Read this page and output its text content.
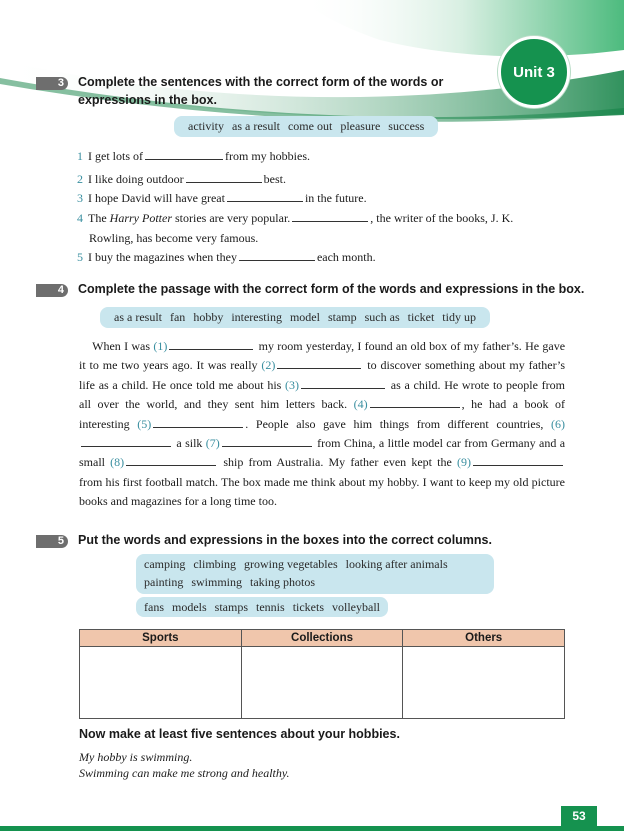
Unit 3
3	Complete the sentences with the correct form of the words or
expressions in the box.
activity as a result come out pleasure success
1 I get lots of	from my hobbies.
2 I like doing outdoor	best.
3 I hope David will have great	in the future.
4 The Harry Potter stories are very popular.	, the writer of the books, J. K.
Rowling, has become very famous.
5 I buy the magazines when they	each month.
4	Complete the passage with the correct form of the words and expressions in the box.
as a result fan hobby interesting model stamp such as ticket tidy up
When I was (1)	my room yesterday, I found an old box of my father’s. He gave it to me two years ago. It was really (2)	to discover something about my father’s life as a child. He once told me about his (3)	as a child. He wrote to people from all over the world, and they sent him letters back. (4)	, he had a book of interesting (5)	. People also gave him things from different countries, (6) a silk (7)	from China, a little model car from Germany and a small (8)	ship from Australia. My father even kept the (9) from his first football match. The box made me think about my hobby. I want to keep my old picture books and magazines for a long time too.
5	Put the words and expressions in the boxes into the correct columns.
camping climbing growing vegetables looking after animals
painting swimming taking photos
fans models stamps tennis tickets volleyball
Sports	Collections	Others
Now make at least five sentences about your hobbies.
My hobby is swimming.
Swimming can make me strong and healthy.
53
